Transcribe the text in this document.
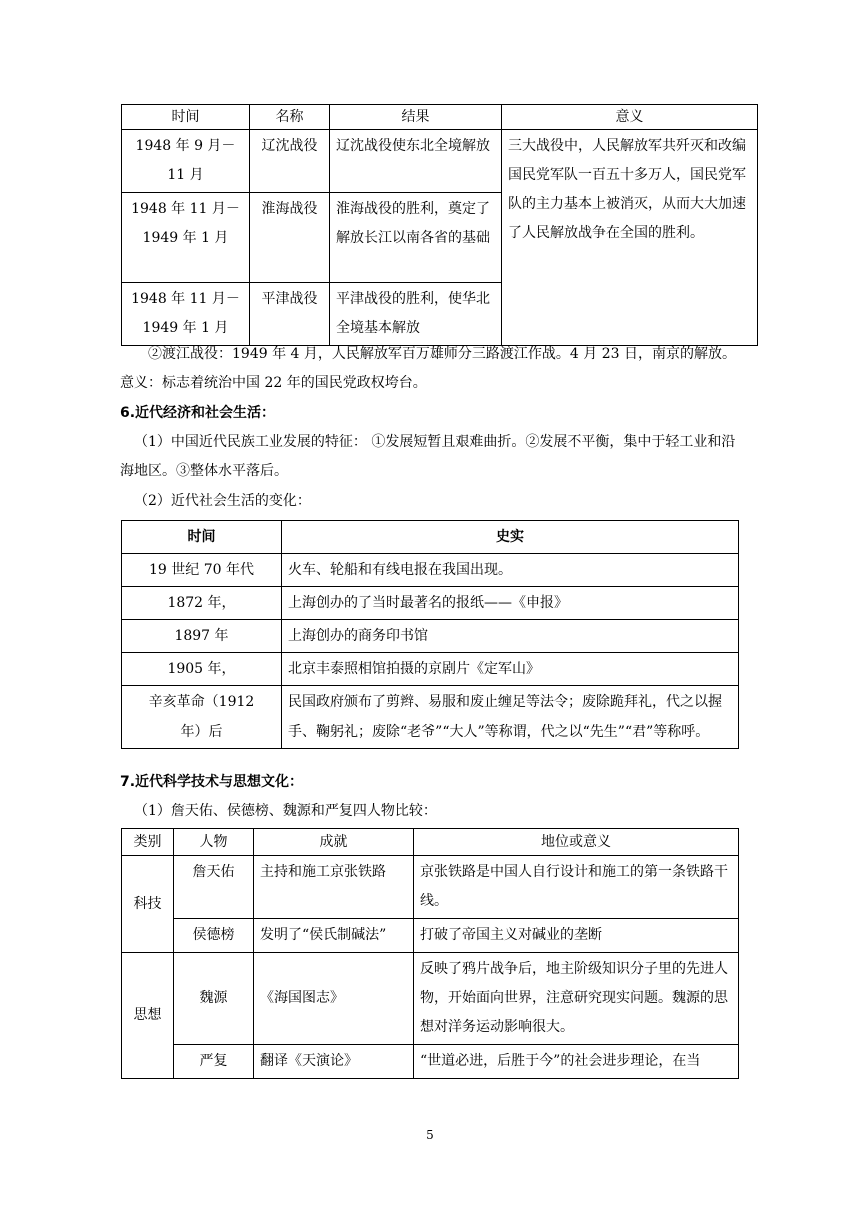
时间	名称	结果	意义
1948 年 9 月－11 月	辽沈战役	辽沈战役使东北全境解放	三大战役中，人民解放军共歼灭和改编国民党军队一百五十多万人，国民党军队的主力基本上被消灭，从而大大加速了人民解放战争在全国的胜利。
1948 年 11 月－1949 年 1 月	淮海战役	淮海战役的胜利，奠定了解放长江以南各省的基础	
1948 年 11 月－1949 年 1 月	平津战役	平津战役的胜利，使华北全境基本解放	
②渡江战役：1949 年 4 月，人民解放军百万雄师分三路渡江作战。4 月 23 日，南京的解放。意义：标志着统治中国 22 年的国民党政权垮台。
6.近代经济和社会生活：
（1）中国近代民族工业发展的特征： ①发展短暂且艰难曲折。②发展不平衡，集中于轻工业和沿海地区。③整体水平落后。
（2）近代社会生活的变化：
时间	史实
19 世纪 70 年代	火车、轮船和有线电报在我国出现。
1872 年，	上海创办的了当时最著名的报纸——《申报》
1897 年	上海创办的商务印书馆
1905 年，	北京丰泰照相馆拍摄的京剧片《定军山》
辛亥革命（1912 年）后	民国政府颁布了剪辫、易服和废止缠足等法令；废除跪拜礼，代之以握手、鞠躬礼；废除“老爷”“大人”等称谓，代之以“先生”“君”等称呼。
7.近代科学技术与思想文化：
（1）詹天佑、侯德榜、魏源和严复四人物比较：
类别	人物	成就	地位或意义
科技	詹天佑	主持和施工京张铁路	京张铁路是中国人自行设计和施工的第一条铁路干线。
	侯德榜	发明了“侯氏制碱法”	打破了帝国主义对碱业的垄断
思想	魏源	《海国图志》	反映了鸦片战争后，地主阶级知识分子里的先进人物，开始面向世界，注意研究现实问题。魏源的思想对洋务运动影响很大。
	严复	翻译《天演论》	“世道必进，后胜于今”的社会进步理论，在当
5
